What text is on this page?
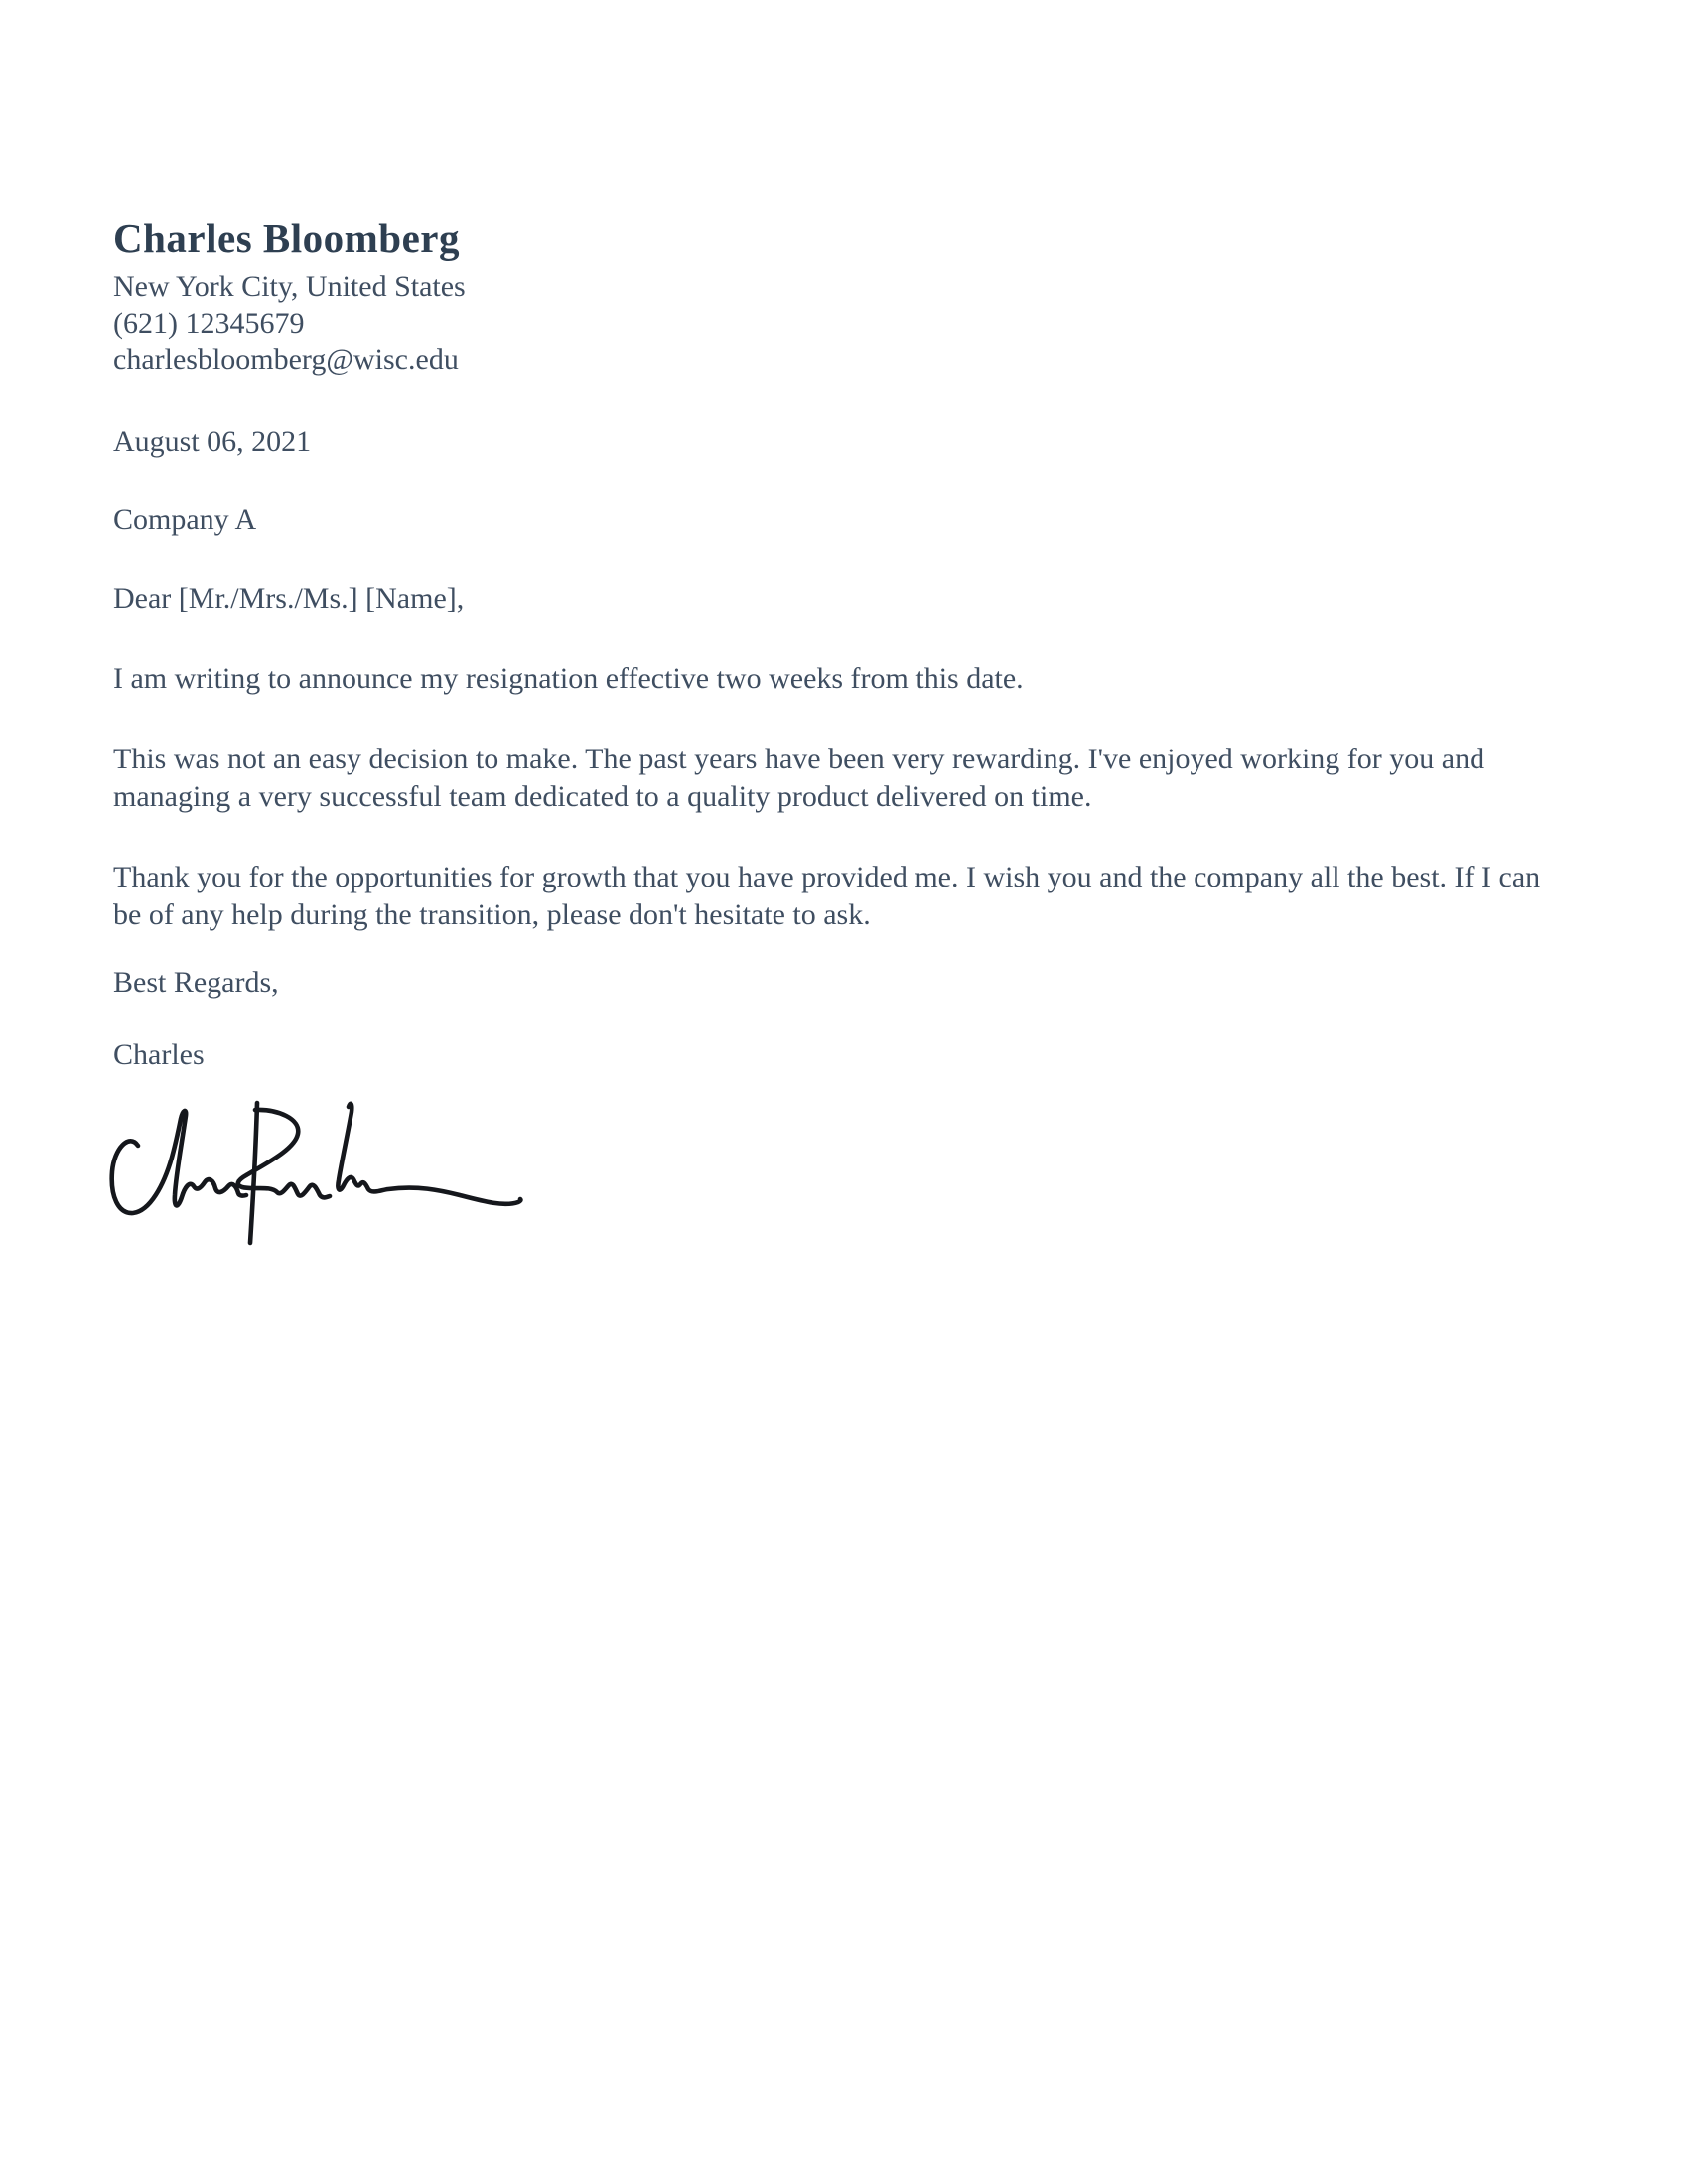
Charles Bloomberg
New York City, United States
(621) 12345679
charlesbloomberg@wisc.edu
August 06, 2021
Company A
Dear [Mr./Mrs./Ms.] [Name],

I am writing to announce my resignation effective two weeks from this date.

This was not an easy decision to make. The past years have been very rewarding. I've enjoyed working for you and managing a very successful team dedicated to a quality product delivered on time.

Thank you for the opportunities for growth that you have provided me. I wish you and the company all the best. If I can be of any help during the transition, please don't hesitate to ask.

Best Regards,
Charles
